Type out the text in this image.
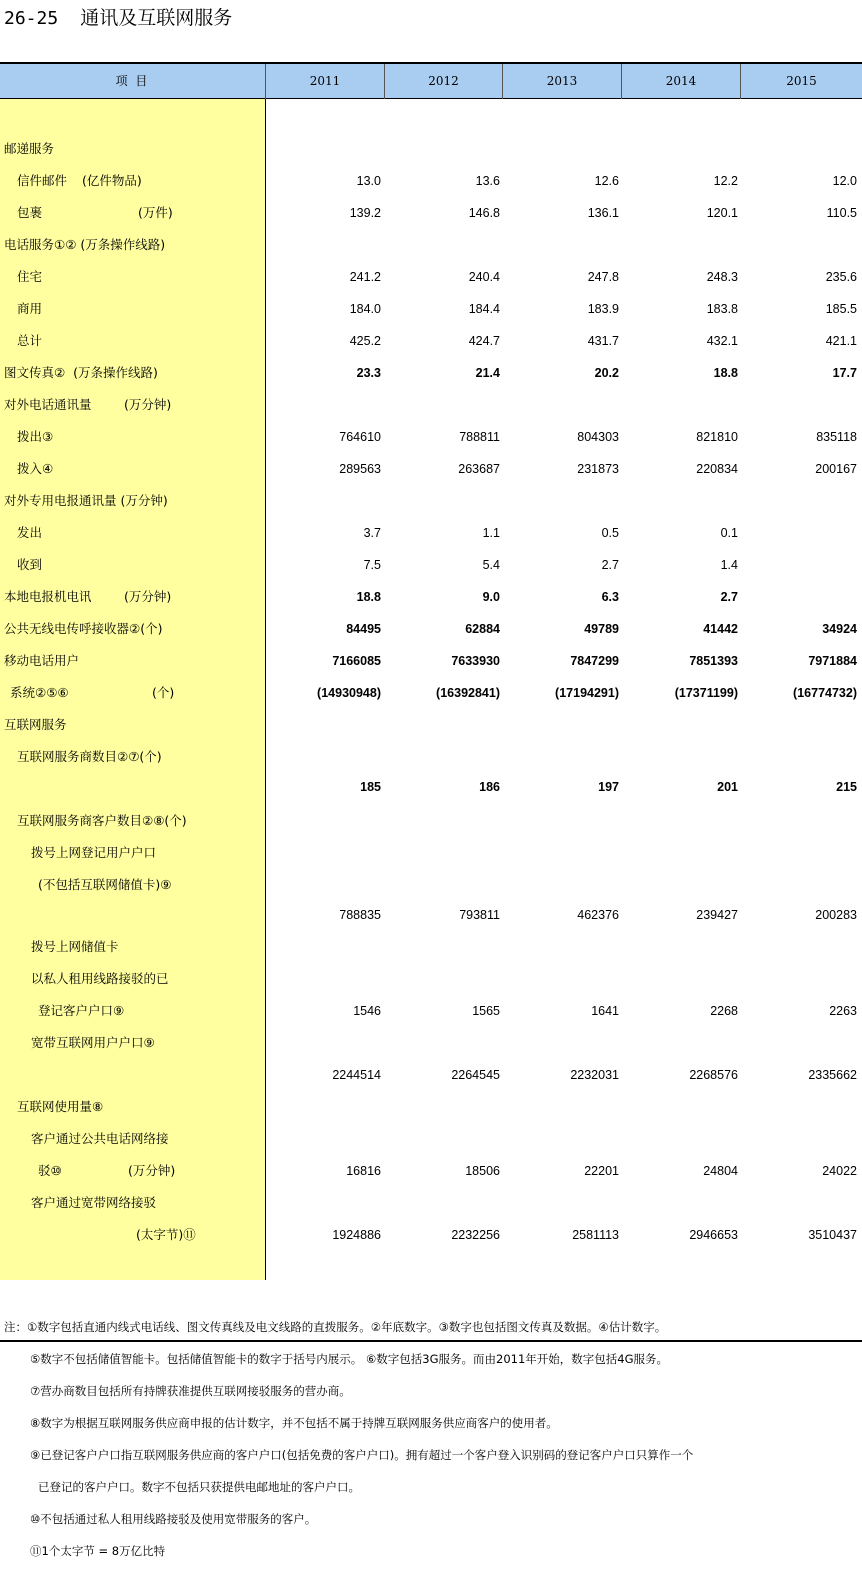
26-25 通讯及互联网服务
项 目	2011	2012	2013	2014	2015
邮递服务
信件邮件 (亿件物品)	13.0	13.6	12.6	12.2	12.0
包裹	(万件)	139.2	146.8	136.1	120.1	110.5
电话服务①② (万条操作线路)
住宅	241.2	240.4	247.8	248.3	235.6
商用	184.0	184.4	183.9	183.8	185.5
总计	425.2	424.7	431.7	432.1	421.1
图文传真②  (万条操作线路)	23.3	21.4	20.2	18.8	17.7
对外电话通讯量	(万分钟)
拨出③	764610	788811	804303	821810	835118
拨入④	289563	263687	231873	220834	200167
对外专用电报通讯量 (万分钟)
发出	3.7	1.1	0.5	0.1
收到	7.5	5.4	2.7	1.4
本地电报机电讯	(万分钟)	18.8	9.0	6.3	2.7
公共无线电传呼接收器②(个)	84495	62884	49789	41442	34924
移动电话用户	7166085	7633930	7847299	7851393	7971884
系统②⑤⑥	(个)	(14930948)	(16392841)	(17194291)	(17371199)	(16774732)
互联网服务
互联网服务商数目②⑦(个)
185	186	197	201	215
互联网服务商客户数目②⑧(个)
拨号上网登记用户户口
(不包括互联网储值卡)⑨
788835	793811	462376	239427	200283
拨号上网储值卡
以私人租用线路接驳的已
登记客户户口⑨	1546	1565	1641	2268	2263
宽带互联网用户户口⑨
2244514	2264545	2232031	2268576	2335662
互联网使用量⑧
客户通过公共电话网络接
驳⑩	(万分钟)	16816	18506	22201	24804	24022
客户通过宽带网络接驳
(太字节)⑪	1924886	2232256	2581113	2946653	3510437
注：①数字包括直通内线式电话线、图文传真线及电文线路的直拨服务。②年底数字。③数字也包括图文传真及数据。④估计数字。
⑤数字不包括储值智能卡。包括储值智能卡的数字于括号内展示。 ⑥数字包括3G服务。而由2011年开始，数字包括4G服务。
⑦营办商数目包括所有持牌获准提供互联网接驳服务的营办商。
⑧数字为根据互联网服务供应商申报的估计数字，并不包括不属于持牌互联网服务供应商客户的使用者。
⑨已登记客户户口指互联网服务供应商的客户户口(包括免费的客户户口)。拥有超过一个客户登入识别码的登记客户户口只算作一个
已登记的客户户口。数字不包括只获提供电邮地址的客户户口。
⑩不包括通过私人租用线路接驳及使用宽带服务的客户。
⑪1个太字节 = 8万亿比特
